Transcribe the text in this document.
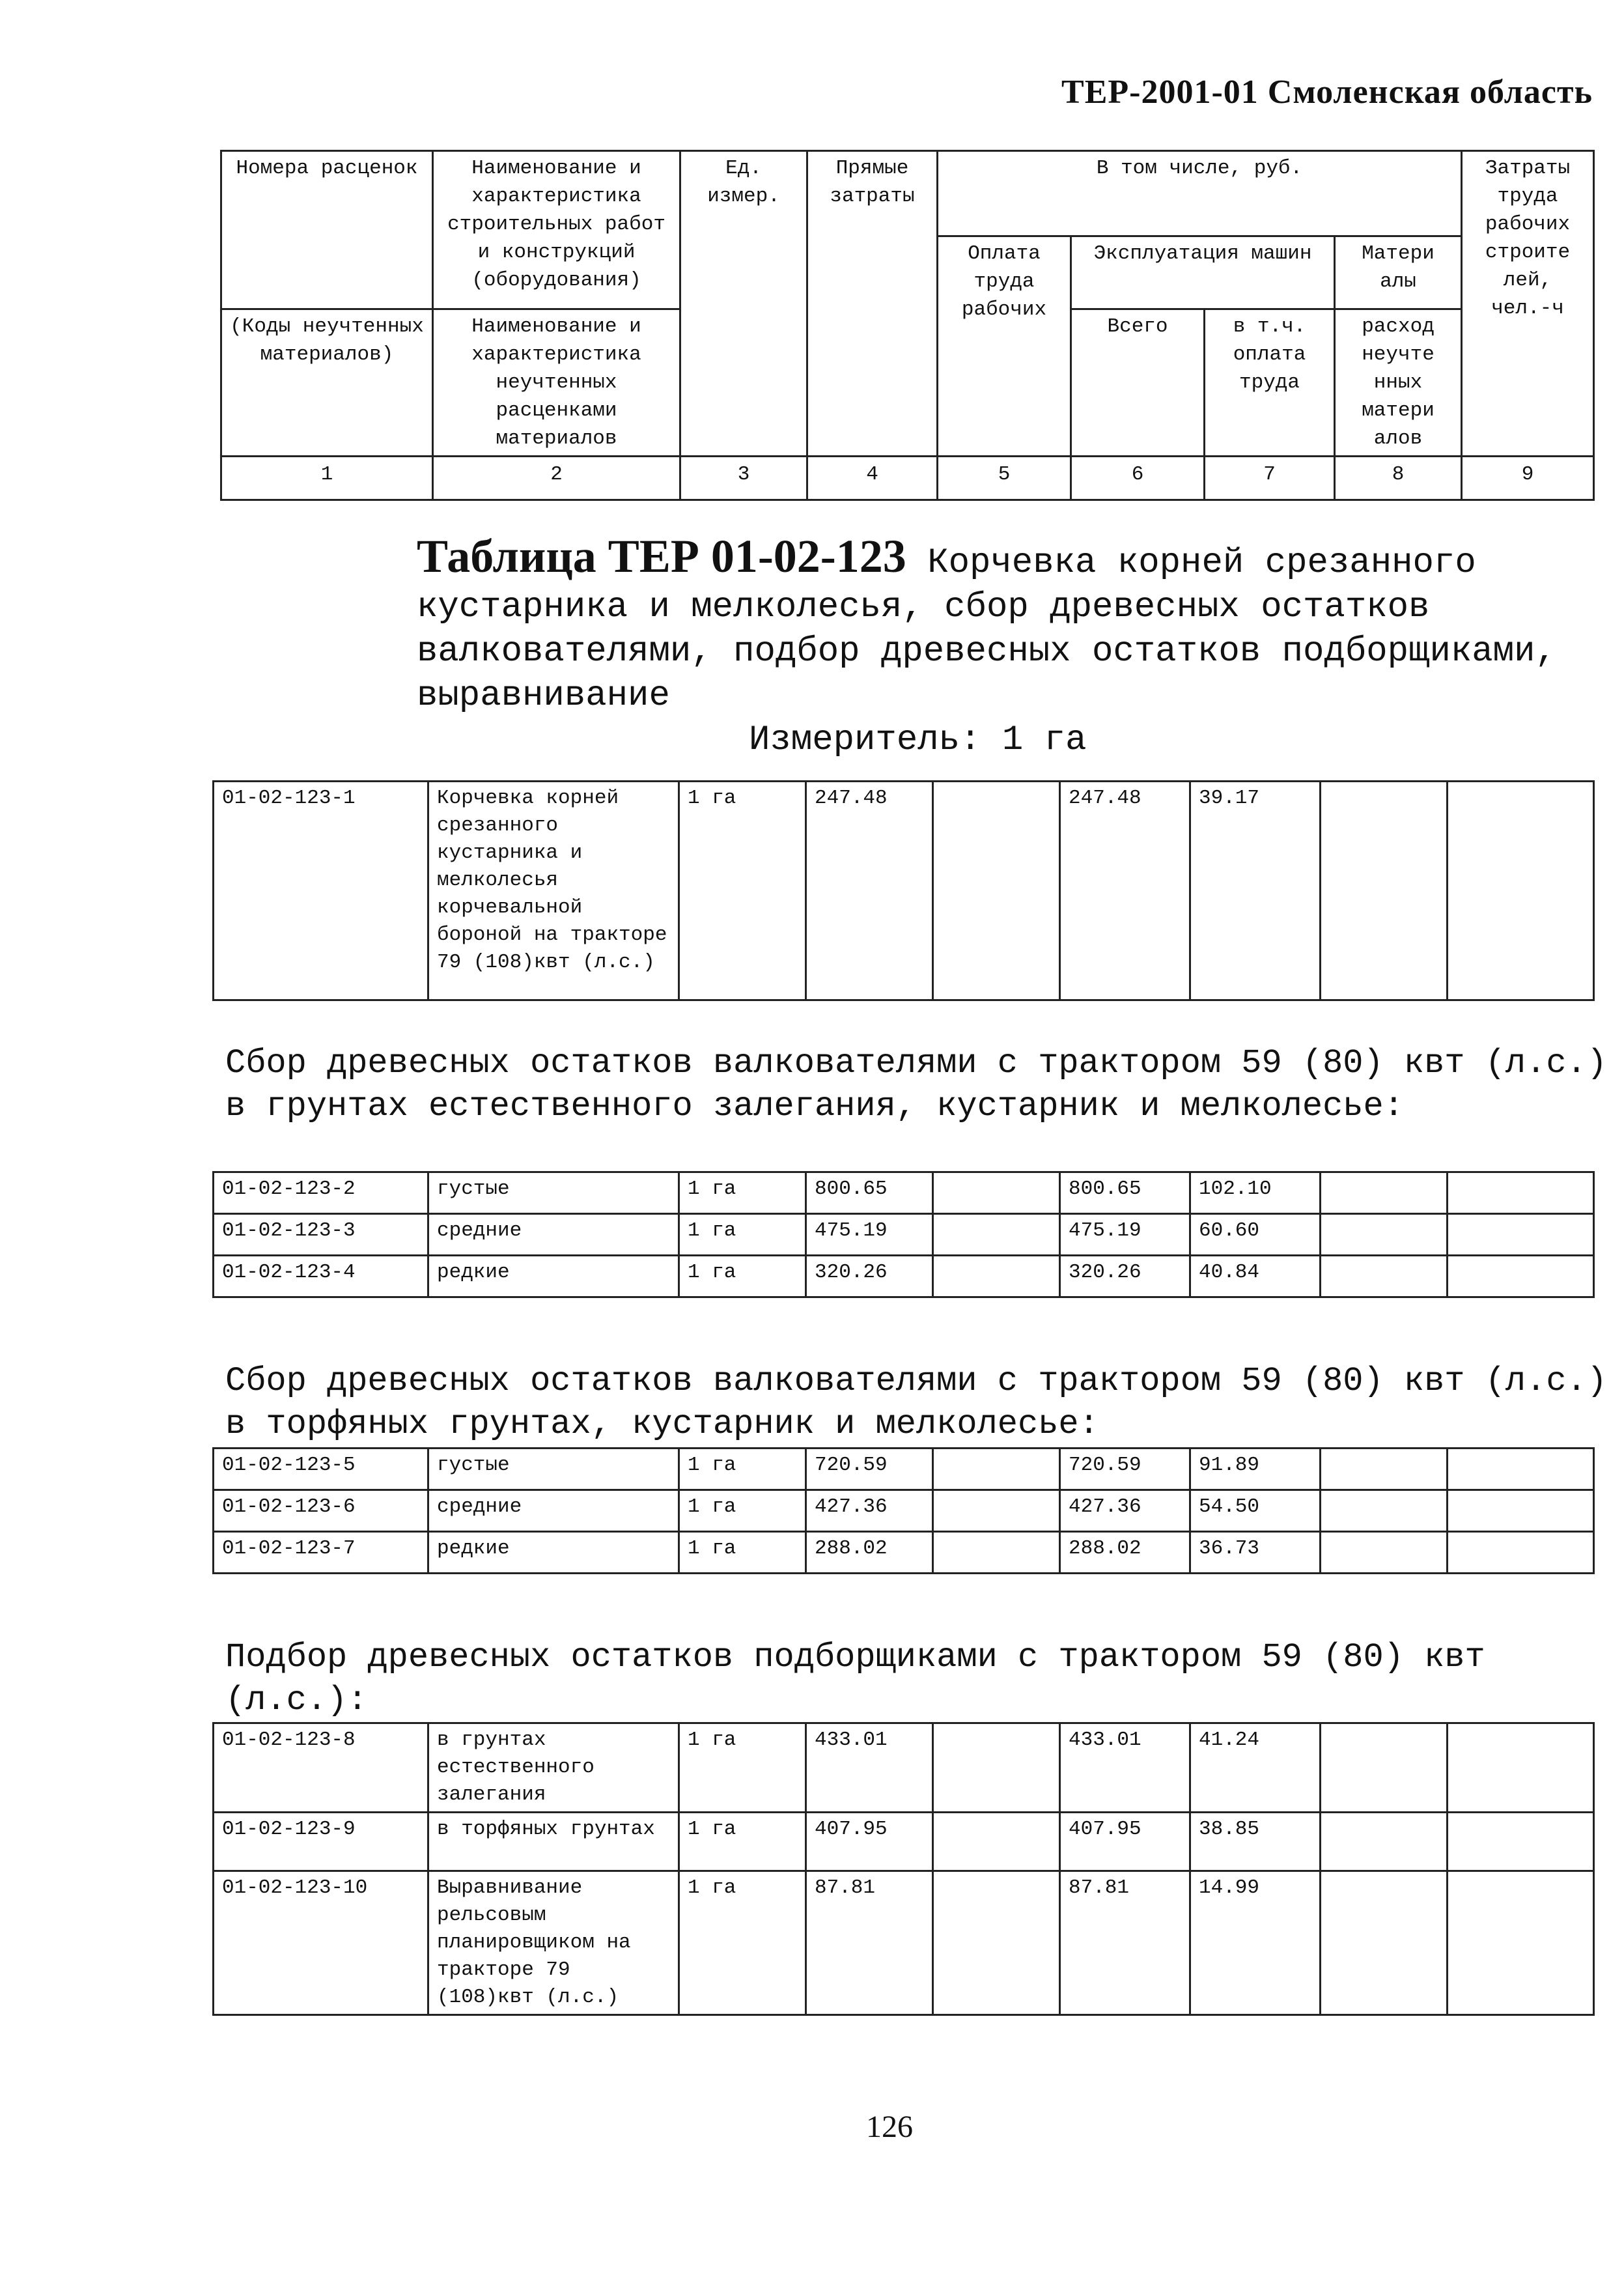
ТЕР-2001-01 Смоленская область
Номера расценок	Наименование и характеристика строительных работ и конструкций (оборудования)	Ед. измер.	Прямые затраты	В том числе, руб.				Затраты труда рабочих строите лей, чел.-ч
				Оплата труда рабочих	Эксплуатация машин		Матери алы	
(Коды неучтенных материалов)	Наименование и характеристика неучтенных расценками материалов				Всего	в т.ч. оплата труда	расход неучте нных матери алов	
1	2	3	4	5	6	7	8	9
Таблица ТЕР 01-02-123 Корчевка корней срезанного кустарника и мелколесья, сбор древесных остатков валкователями, подбор древесных остатков подборщиками, выравнивание
Измеритель: 1 га
01-02-123-1	Корчевка корней срезанного кустарника и мелколесья корчевальной бороной на тракторе 79 (108)квт (л.с.)	1 га	247.48		247.48	39.17		
Сбор древесных остатков валкователями с трактором 59 (80) квт (л.с.) в грунтах естественного залегания, кустарник и мелколесье:
01-02-123-2	густые	1 га	800.65		800.65	102.10		
01-02-123-3	средние	1 га	475.19		475.19	60.60		
01-02-123-4	редкие	1 га	320.26		320.26	40.84		
Сбор древесных остатков валкователями с трактором 59 (80) квт (л.с.) в торфяных грунтах, кустарник и мелколесье:
01-02-123-5	густые	1 га	720.59		720.59	91.89		
01-02-123-6	средние	1 га	427.36		427.36	54.50		
01-02-123-7	редкие	1 га	288.02		288.02	36.73		
Подбор древесных остатков подборщиками с трактором 59 (80) квт (л.с.):
01-02-123-8	в грунтах естественного залегания	1 га	433.01		433.01	41.24		
01-02-123-9	в торфяных грунтах	1 га	407.95		407.95	38.85		
01-02-123-10	Выравнивание рельсовым планировщиком на тракторе 79 (108)квт (л.с.)	1 га	87.81		87.81	14.99		
126
